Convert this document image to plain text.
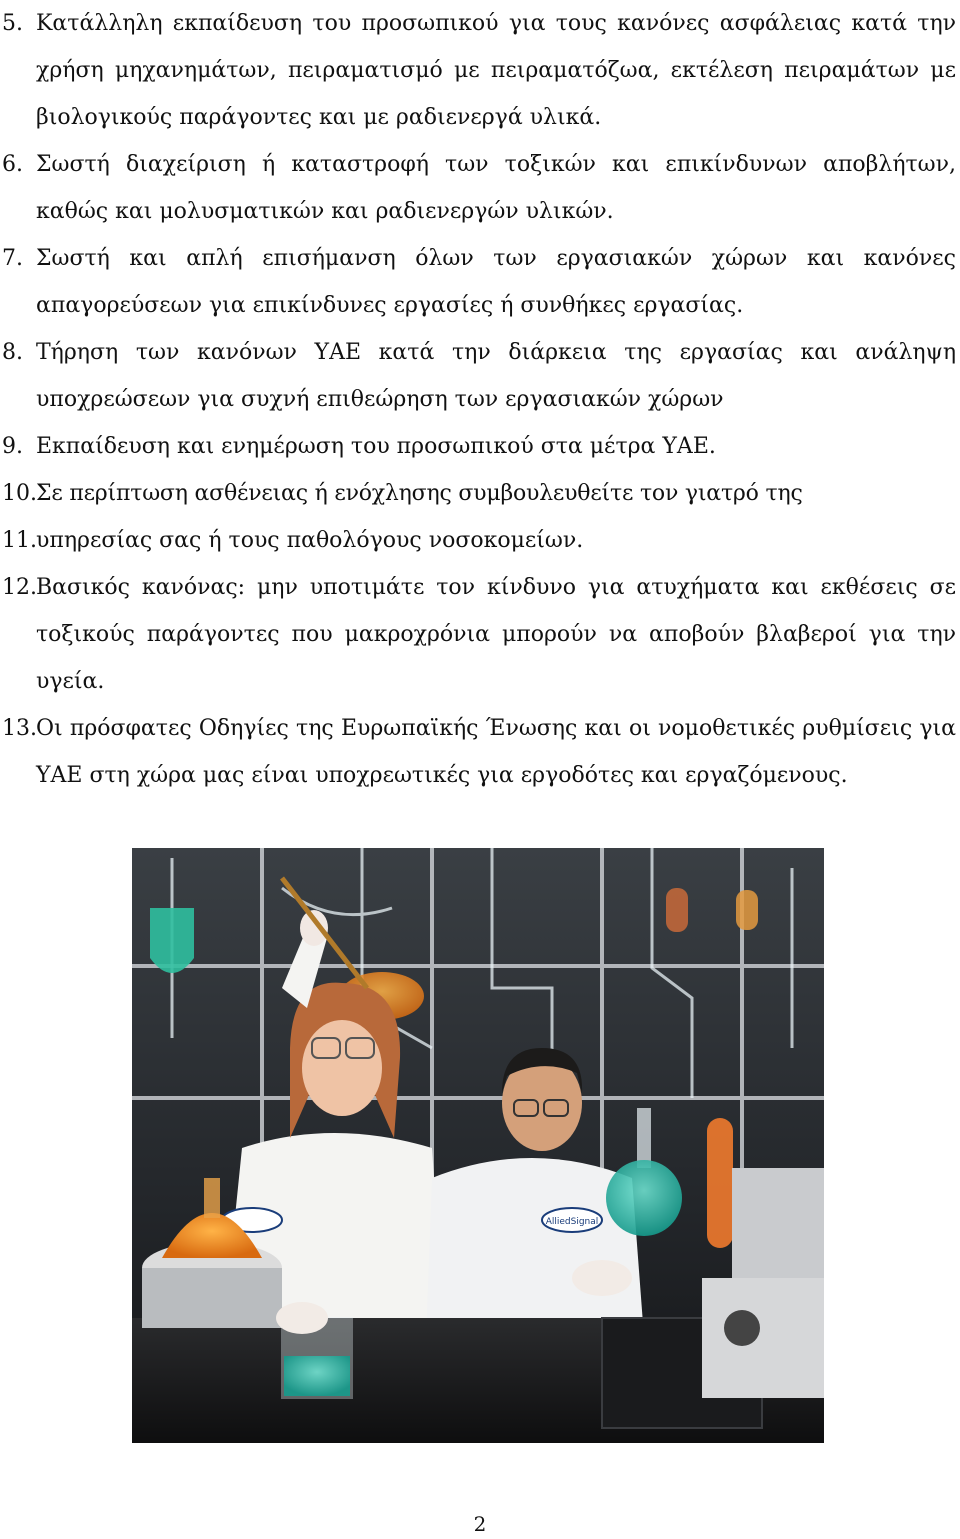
5. Κατάλληλη εκπαίδευση του προσωπικού για τους κανόνες ασφάλειας κατά την χρήση μηχανημάτων, πειραματισμό με πειραματόζωα, εκτέλεση πειραμάτων με βιολογικούς παράγοντες και με ραδιενεργά υλικά.
6. Σωστή διαχείριση ή καταστροφή των τοξικών και επικίνδυνων αποβλήτων, καθώς και μολυσματικών και ραδιενεργών υλικών.
7. Σωστή και απλή επισήμανση όλων των εργασιακών χώρων και κανόνες απαγορεύσεων για επικίνδυνες εργασίες ή συνθήκες εργασίας.
8. Τήρηση των κανόνων ΥΑΕ κατά την διάρκεια της εργασίας και ανάληψη υποχρεώσεων για συχνή επιθεώρηση των εργασιακών χώρων
9. Εκπαίδευση και ενημέρωση του προσωπικού στα μέτρα ΥΑΕ.
10. Σε περίπτωση ασθένειας ή ενόχλησης συμβουλευθείτε τον γιατρό της
11. υπηρεσίας σας ή τους παθολόγους νοσοκομείων.
12. Βασικός κανόνας: μην υποτιμάτε τον κίνδυνο για ατυχήματα και εκθέσεις σε τοξικούς παράγοντες που μακροχρόνια μπορούν να αποβούν βλαβεροί για την υγεία.
13. Οι πρόσφατες Οδηγίες της Ευρωπαϊκής Ένωσης και οι νομοθετικές ρυθμίσεις για ΥΑΕ στη χώρα μας είναι υποχρεωτικές για εργοδότες και εργαζόμενους.
AlliedSignal
2
